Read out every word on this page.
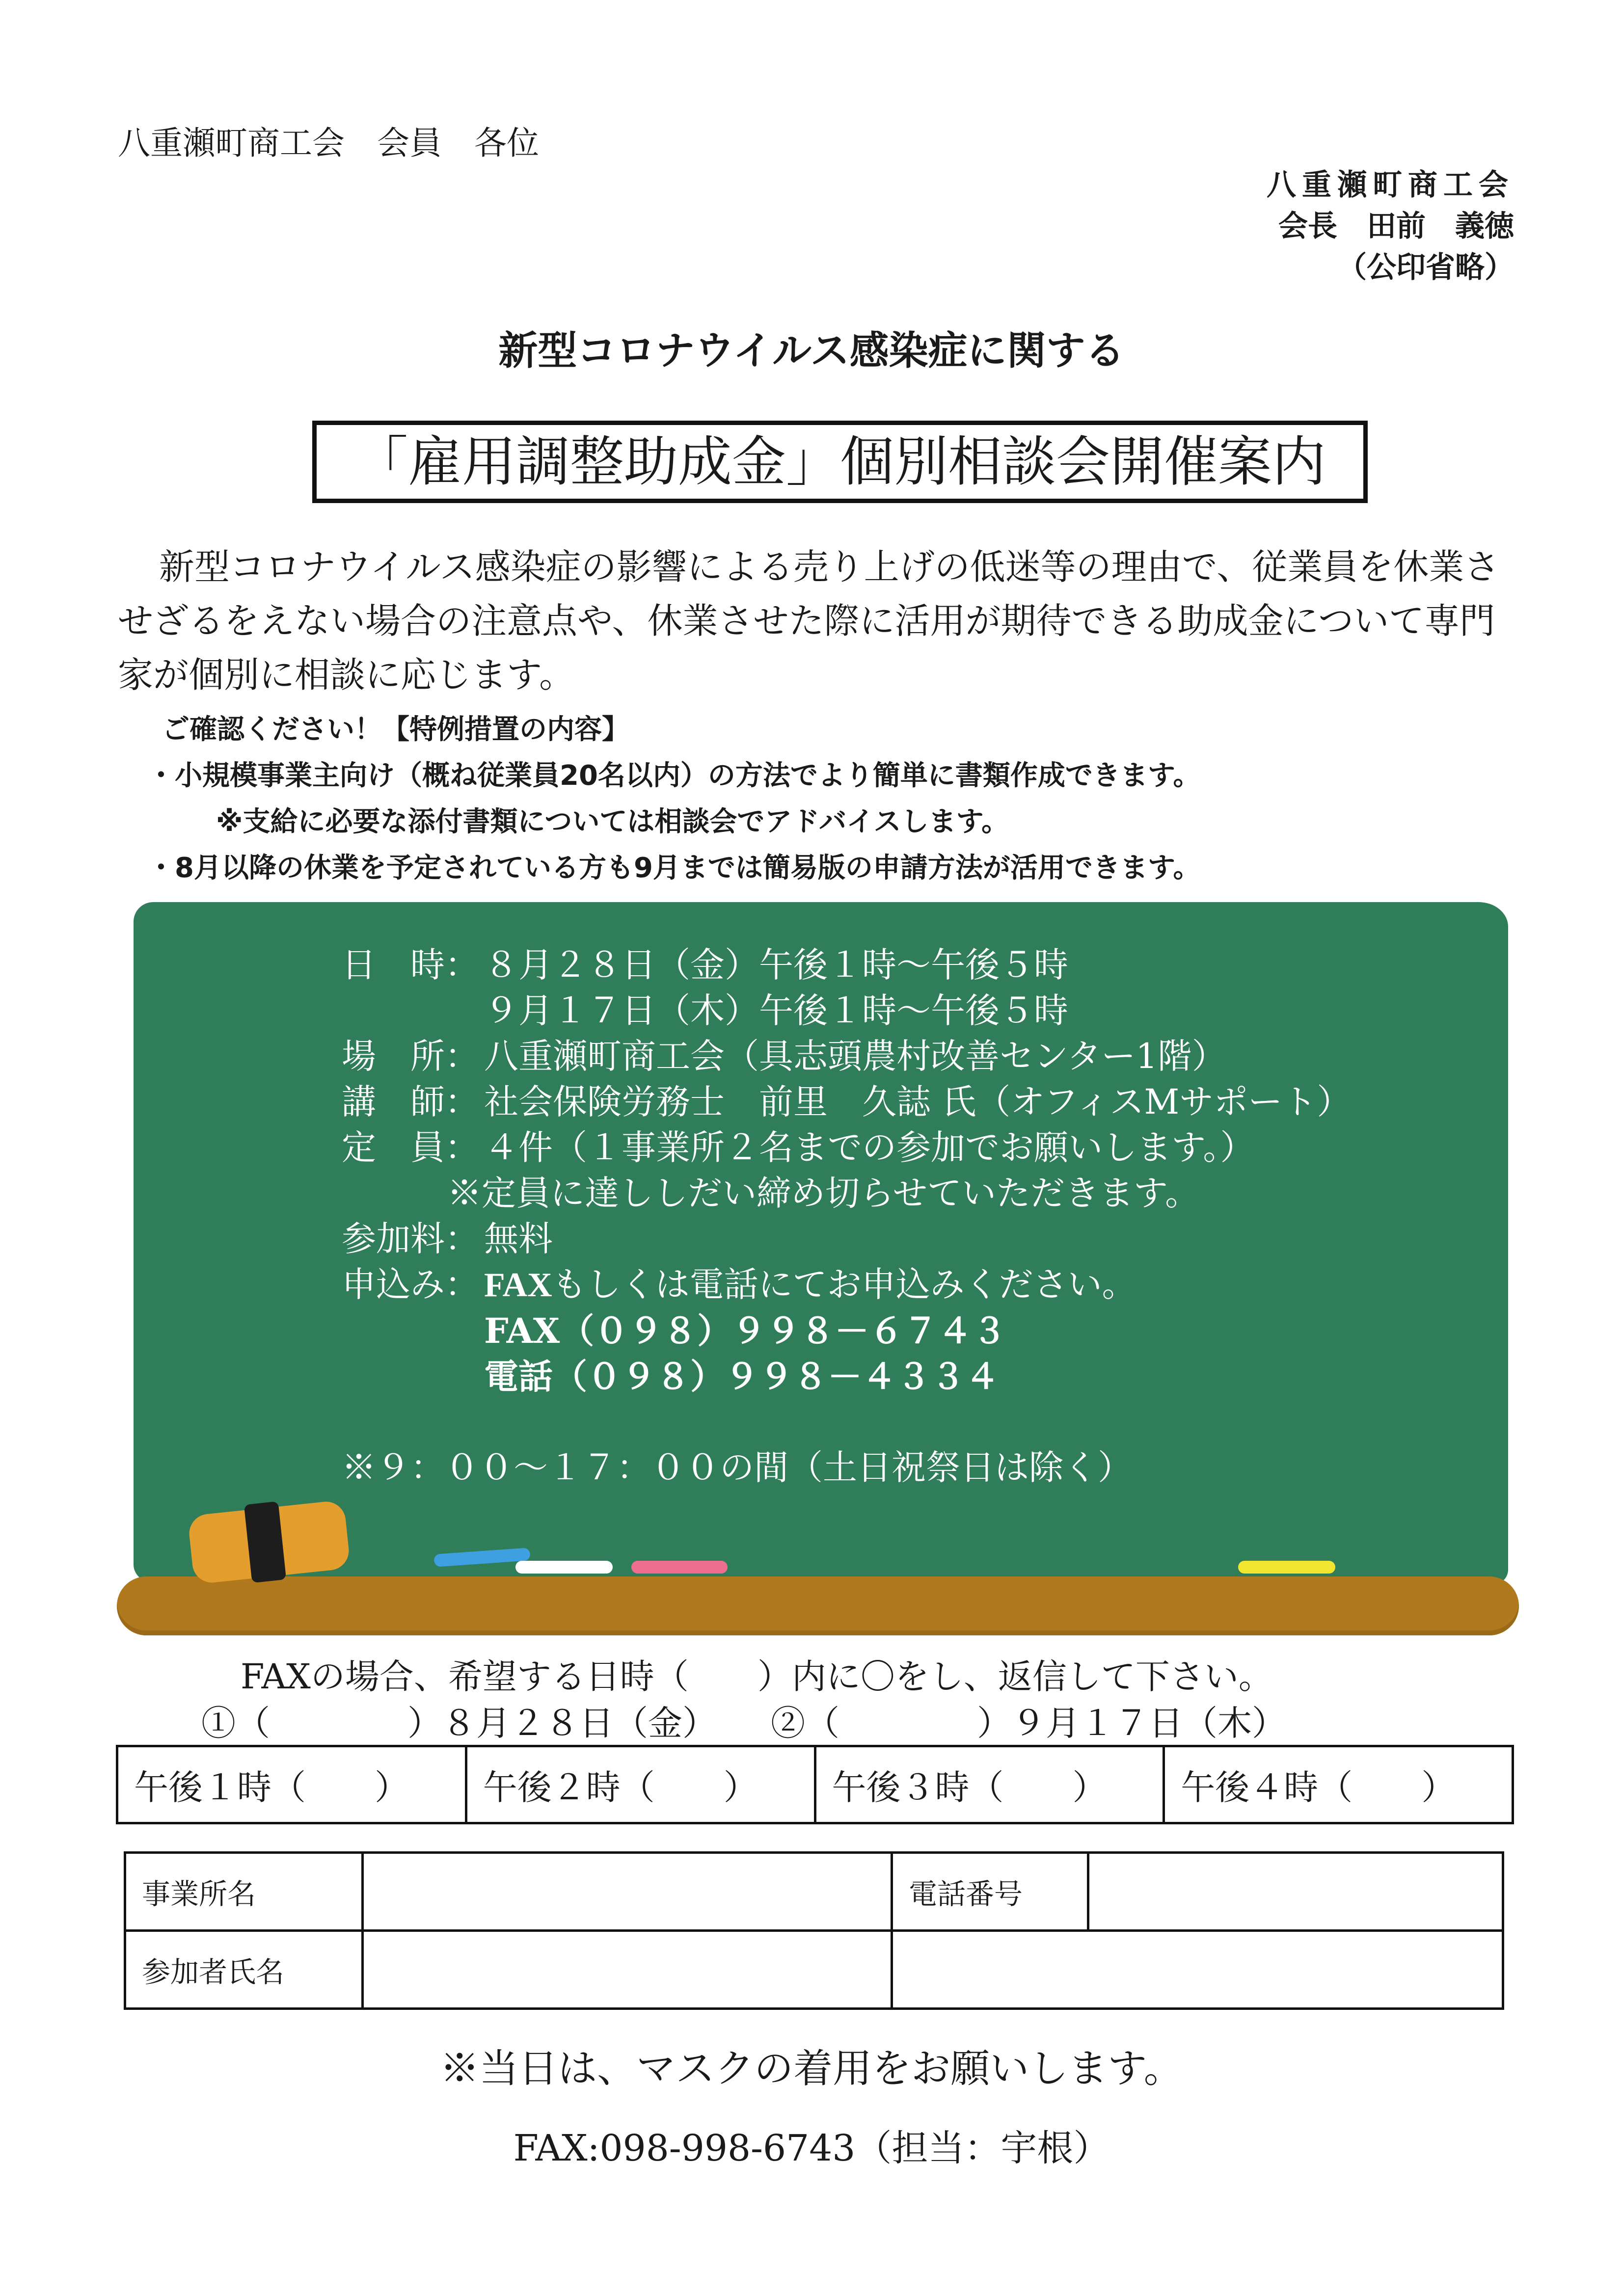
八重瀬町商工会　会員　各位
八重瀬町商工会
会長　田前　義徳
（公印省略）
新型コロナウイルス感染症に関する
「雇用調整助成金」個別相談会開催案内

新型コロナウイルス感染症の影響による売り上げの低迷等の理由で、従業員を休業させざるをえない場合の注意点や、休業させた際に活用が期待できる助成金について専門家が個別に相談に応じます。

ご確認ください！【特例措置の内容】
・小規模事業主向け（概ね従業員20名以内）の方法でより簡単に書類作成できます。
※支給に必要な添付書類については相談会でアドバイスします。
・8月以降の休業を予定されている方も9月までは簡易版の申請方法が活用できます。
日　時： ８月２８日（金）午後１時～午後５時
９月１７日（木）午後１時～午後５時
場　所： 八重瀬町商工会（具志頭農村改善センター1階）
講　師： 社会保険労務士　前里　久誌 氏（オフィスMサポート）
定　員： ４件（１事業所２名までの参加でお願いします。）
※定員に達ししだい締め切らせていただきます。
参加料： 無料
申込み： FAXもしくは電話にてお申込みください。
FAX（０９８）９９８－６７４３
電話（０９８）９９８－４３３４
※９：００～１７：００の間（土日祝祭日は除く）
FAXの場合、希望する日時（　　）内に〇をし、返信して下さい。
①（　　　　）８月２８日（金） ②（　　　　）９月１７日（木）
午後１時（　　）	午後２時（　　）	午後３時（　　）	午後４時（　　）
事業所名		電話番号	
参加者氏名			
※当日は、マスクの着用をお願いします。
FAX:098-998-6743（担当：宇根）
